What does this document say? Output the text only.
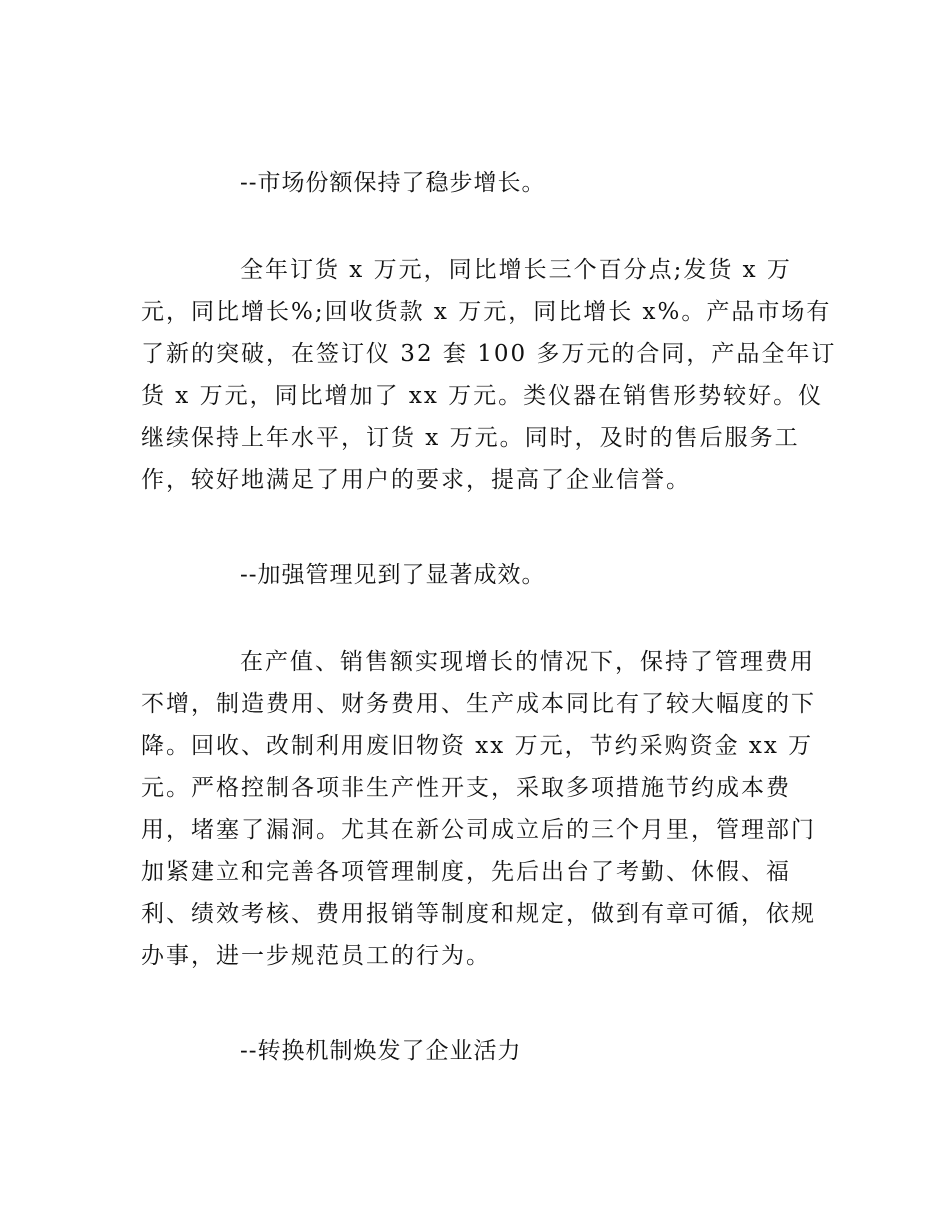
--市场份额保持了稳步增长。
全年订货 x 万元，同比增长三个百分点;发货 x 万
元，同比增长%;回收货款 x 万元，同比增长 x%。产品市场有
了新的突破，在签订仪 32 套 100 多万元的合同，产品全年订
货 x 万元，同比增加了 xx 万元。类仪器在销售形势较好。仪
继续保持上年水平，订货 x 万元。同时，及时的售后服务工
作，较好地满足了用户的要求，提高了企业信誉。
--加强管理见到了显著成效。
在产值、销售额实现增长的情况下，保持了管理费用
不增，制造费用、财务费用、生产成本同比有了较大幅度的下
降。回收、改制利用废旧物资 xx 万元，节约采购资金 xx 万
元。严格控制各项非生产性开支，采取多项措施节约成本费
用，堵塞了漏洞。尤其在新公司成立后的三个月里，管理部门
加紧建立和完善各项管理制度，先后出台了考勤、休假、福
利、绩效考核、费用报销等制度和规定，做到有章可循，依规
办事，进一步规范员工的行为。
--转换机制焕发了企业活力
